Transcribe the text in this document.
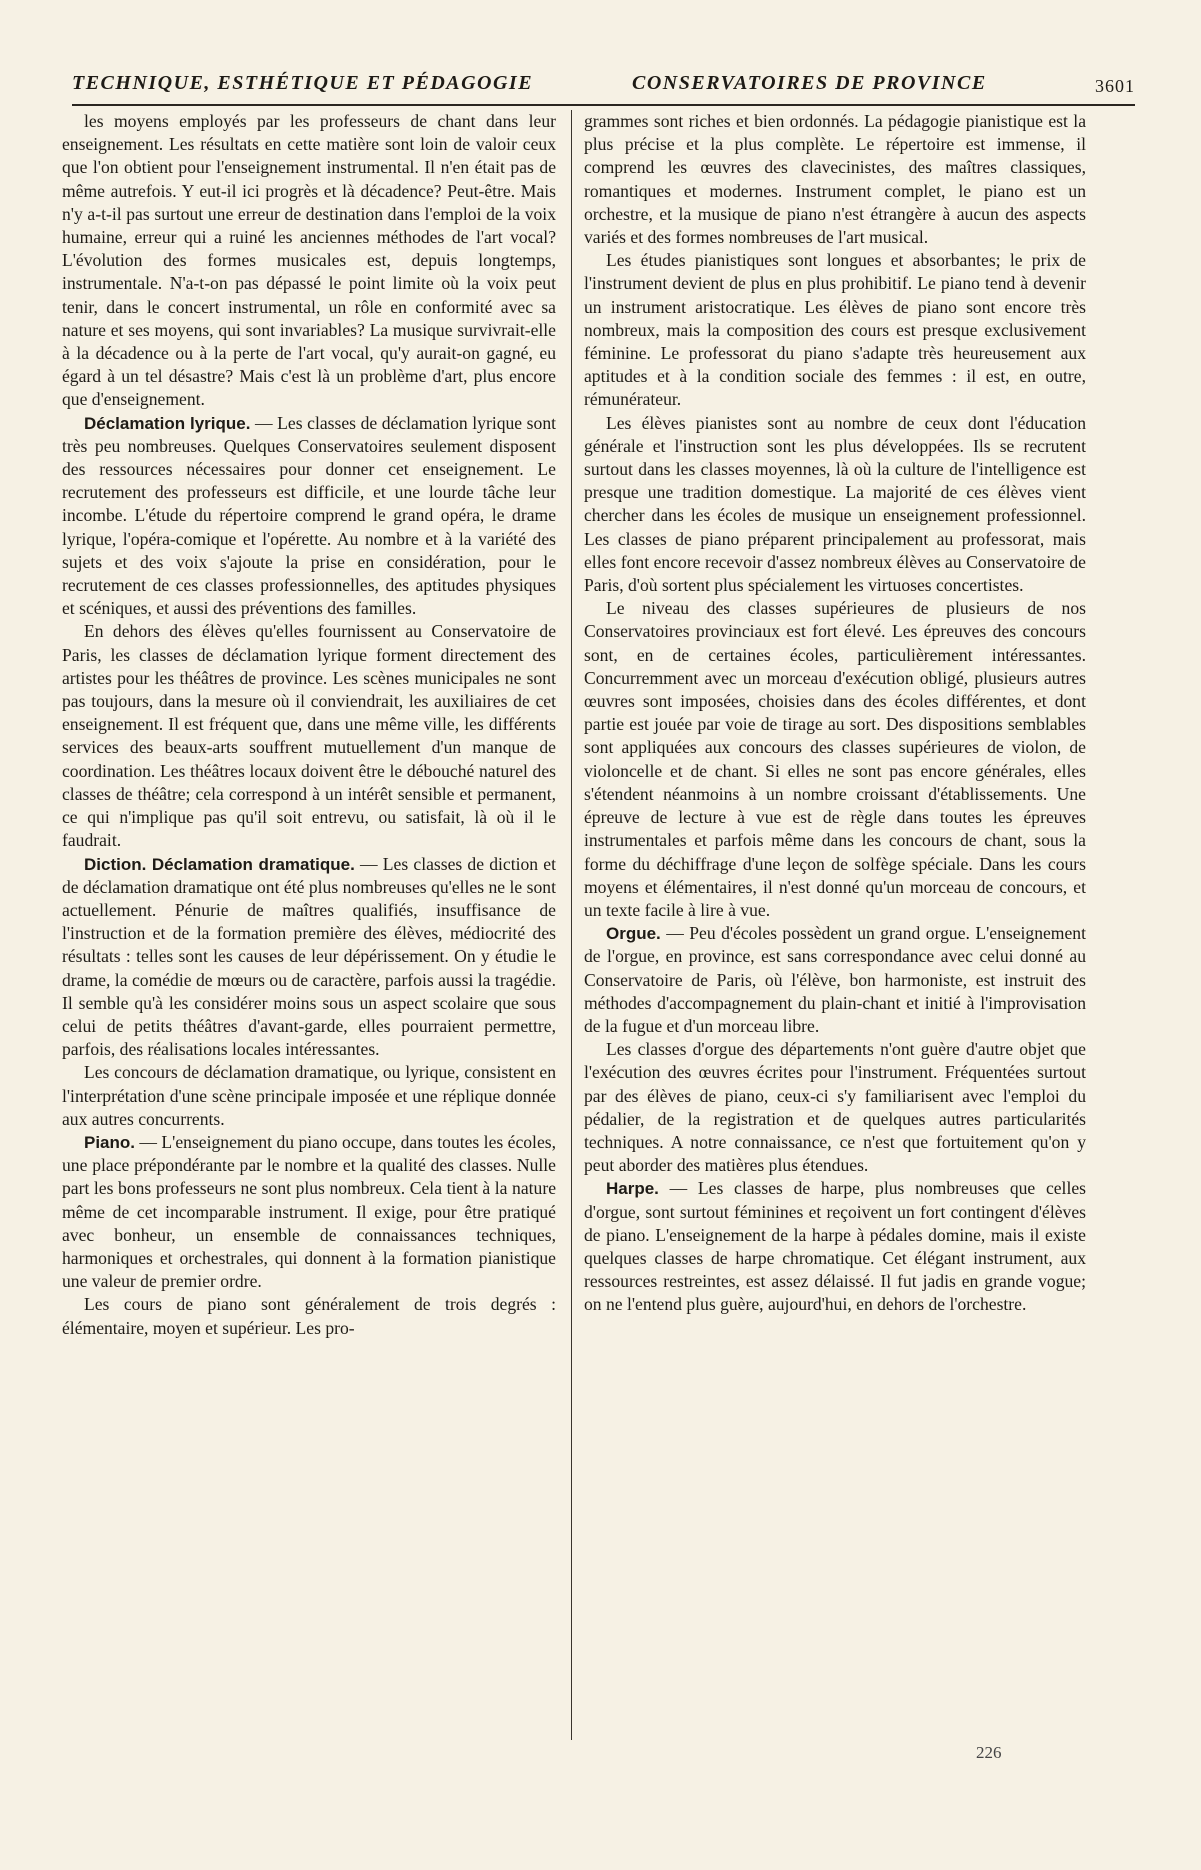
TECHNIQUE, ESTHÉTIQUE ET PÉDAGOGIE	CONSERVATOIRES DE PROVINCE	3601

les moyens employés par les professeurs de chant dans leur enseignement. Les résultats en cette matière sont loin de valoir ceux que l'on obtient pour l'enseignement instrumental. Il n'en était pas de même autrefois. Y eut-il ici progrès et là décadence? Peut-être. Mais n'y a-t-il pas surtout une erreur de destination dans l'emploi de la voix humaine, erreur qui a ruiné les anciennes méthodes de l'art vocal? L'évolution des formes musicales est, depuis longtemps, instrumentale. N'a-t-on pas dépassé le point limite où la voix peut tenir, dans le concert instrumental, un rôle en conformité avec sa nature et ses moyens, qui sont invariables? La musique survivrait-elle à la décadence ou à la perte de l'art vocal, qu'y aurait-on gagné, eu égard à un tel désastre? Mais c'est là un problème d'art, plus encore que d'enseignement.

Déclamation lyrique. — Les classes de déclamation lyrique sont très peu nombreuses. Quelques Conservatoires seulement disposent des ressources nécessaires pour donner cet enseignement. Le recrutement des professeurs est difficile, et une lourde tâche leur incombe. L'étude du répertoire comprend le grand opéra, le drame lyrique, l'opéra-comique et l'opérette. Au nombre et à la variété des sujets et des voix s'ajoute la prise en considération, pour le recrutement de ces classes professionnelles, des aptitudes physiques et scéniques, et aussi des préventions des familles.

En dehors des élèves qu'elles fournissent au Conservatoire de Paris, les classes de déclamation lyrique forment directement des artistes pour les théâtres de province. Les scènes municipales ne sont pas toujours, dans la mesure où il conviendrait, les auxiliaires de cet enseignement. Il est fréquent que, dans une même ville, les différents services des beaux-arts souffrent mutuellement d'un manque de coordination. Les théâtres locaux doivent être le débouché naturel des classes de théâtre; cela correspond à un intérêt sensible et permanent, ce qui n'implique pas qu'il soit entrevu, ou satisfait, là où il le faudrait.

Diction. Déclamation dramatique. — Les classes de diction et de déclamation dramatique ont été plus nombreuses qu'elles ne le sont actuellement. Pénurie de maîtres qualifiés, insuffisance de l'instruction et de la formation première des élèves, médiocrité des résultats : telles sont les causes de leur dépérissement. On y étudie le drame, la comédie de mœurs ou de caractère, parfois aussi la tragédie. Il semble qu'à les considérer moins sous un aspect scolaire que sous celui de petits théâtres d'avant-garde, elles pourraient permettre, parfois, des réalisations locales intéressantes.

Les concours de déclamation dramatique, ou lyrique, consistent en l'interprétation d'une scène principale imposée et une réplique donnée aux autres concurrents.

Piano. — L'enseignement du piano occupe, dans toutes les écoles, une place prépondérante par le nombre et la qualité des classes. Nulle part les bons professeurs ne sont plus nombreux. Cela tient à la nature même de cet incomparable instrument. Il exige, pour être pratiqué avec bonheur, un ensemble de connaissances techniques, harmoniques et orchestrales, qui donnent à la formation pianistique une valeur de premier ordre.

Les cours de piano sont généralement de trois degrés : élémentaire, moyen et supérieur. Les pro-

grammes sont riches et bien ordonnés. La pédagogie pianistique est la plus précise et la plus complète. Le répertoire est immense, il comprend les œuvres des clavecinistes, des maîtres classiques, romantiques et modernes. Instrument complet, le piano est un orchestre, et la musique de piano n'est étrangère à aucun des aspects variés et des formes nombreuses de l'art musical.

Les études pianistiques sont longues et absorbantes; le prix de l'instrument devient de plus en plus prohibitif. Le piano tend à devenir un instrument aristocratique. Les élèves de piano sont encore très nombreux, mais la composition des cours est presque exclusivement féminine. Le professorat du piano s'adapte très heureusement aux aptitudes et à la condition sociale des femmes : il est, en outre, rémunérateur.

Les élèves pianistes sont au nombre de ceux dont l'éducation générale et l'instruction sont les plus développées. Ils se recrutent surtout dans les classes moyennes, là où la culture de l'intelligence est presque une tradition domestique. La majorité de ces élèves vient chercher dans les écoles de musique un enseignement professionnel. Les classes de piano préparent principalement au professorat, mais elles font encore recevoir d'assez nombreux élèves au Conservatoire de Paris, d'où sortent plus spécialement les virtuoses concertistes.

Le niveau des classes supérieures de plusieurs de nos Conservatoires provinciaux est fort élevé. Les épreuves des concours sont, en de certaines écoles, particulièrement intéressantes. Concurremment avec un morceau d'exécution obligé, plusieurs autres œuvres sont imposées, choisies dans des écoles différentes, et dont partie est jouée par voie de tirage au sort. Des dispositions semblables sont appliquées aux concours des classes supérieures de violon, de violoncelle et de chant. Si elles ne sont pas encore générales, elles s'étendent néanmoins à un nombre croissant d'établissements. Une épreuve de lecture à vue est de règle dans toutes les épreuves instrumentales et parfois même dans les concours de chant, sous la forme du déchiffrage d'une leçon de solfège spéciale. Dans les cours moyens et élémentaires, il n'est donné qu'un morceau de concours, et un texte facile à lire à vue.

Orgue. — Peu d'écoles possèdent un grand orgue. L'enseignement de l'orgue, en province, est sans correspondance avec celui donné au Conservatoire de Paris, où l'élève, bon harmoniste, est instruit des méthodes d'accompagnement du plain-chant et initié à l'improvisation de la fugue et d'un morceau libre.

Les classes d'orgue des départements n'ont guère d'autre objet que l'exécution des œuvres écrites pour l'instrument. Fréquentées surtout par des élèves de piano, ceux-ci s'y familiarisent avec l'emploi du pédalier, de la registration et de quelques autres particularités techniques. A notre connaissance, ce n'est que fortuitement qu'on y peut aborder des matières plus étendues.

Harpe. — Les classes de harpe, plus nombreuses que celles d'orgue, sont surtout féminines et reçoivent un fort contingent d'élèves de piano. L'enseignement de la harpe à pédales domine, mais il existe quelques classes de harpe chromatique. Cet élégant instrument, aux ressources restreintes, est assez délaissé. Il fut jadis en grande vogue; on ne l'entend plus guère, aujourd'hui, en dehors de l'orchestre.

226
